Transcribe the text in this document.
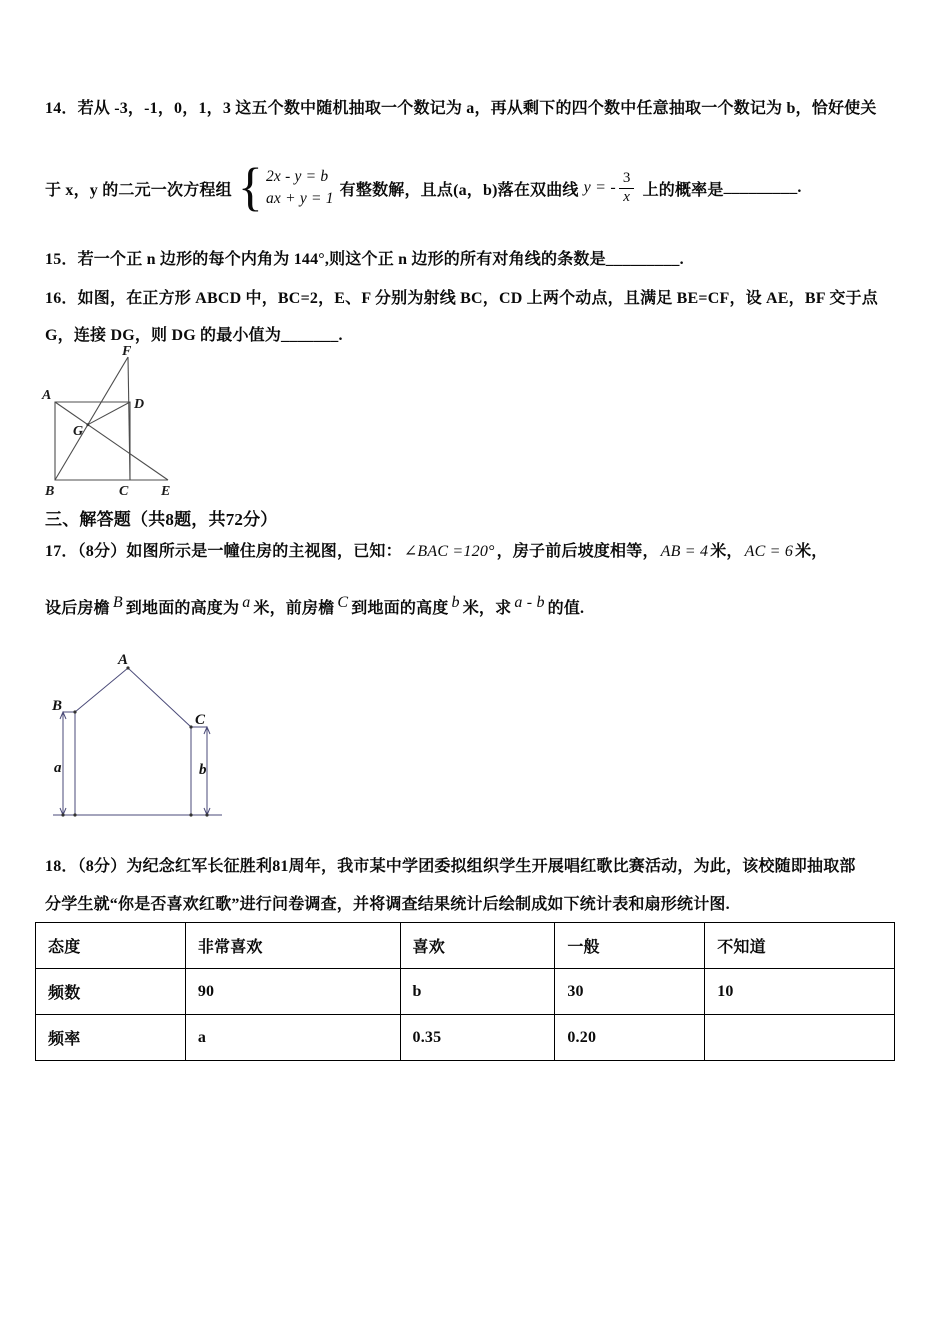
14．若从 -3，-1，0，1，3 这五个数中随机抽取一个数记为 a，再从剩下的四个数中任意抽取一个数记为 b，恰好使关
于 x，y 的二元一次方程组 { 2x - y = b
ax + y = 1 有整数解，且点(a，b)落在双曲线 y = - $\frac{3}{x}$ 上的概率是 _________.
15．若一个正 n 边形的每个内角为 144°,则这个正 n 边形的所有对角线的条数是_________.
16．如图，在正方形 ABCD 中，BC=2，E、F 分别为射线 BC，CD 上两个动点，且满足 BE=CF，设 AE，BF 交于点
G，连接 DG，则 DG 的最小值为_______.
F
A
D
G
B	C E
三、解答题（共8题，共72分）
17．（8分）如图所示是一幢住房的主视图，已知： ∠BAC =120° ，房子前后坡度相等， AB = 4 米， AC = 6 米，
设后房檐 B 到地面的高度为 a 米，前房檐 C 到地面的高度 b 米，求 a - b 的值.
A
B
C
a	b
18．（8分）为纪念红军长征胜利81周年，我市某中学团委拟组织学生开展唱红歌比赛活动，为此，该校随即抽取部
分学生就“你是否喜欢红歌”进行问卷调查，并将调查结果统计后绘制成如下统计表和扇形统计图.
态度	非常喜欢	喜欢	一般	不知道
频数	90	b	30	10
频率	a	0.35	0.20	
